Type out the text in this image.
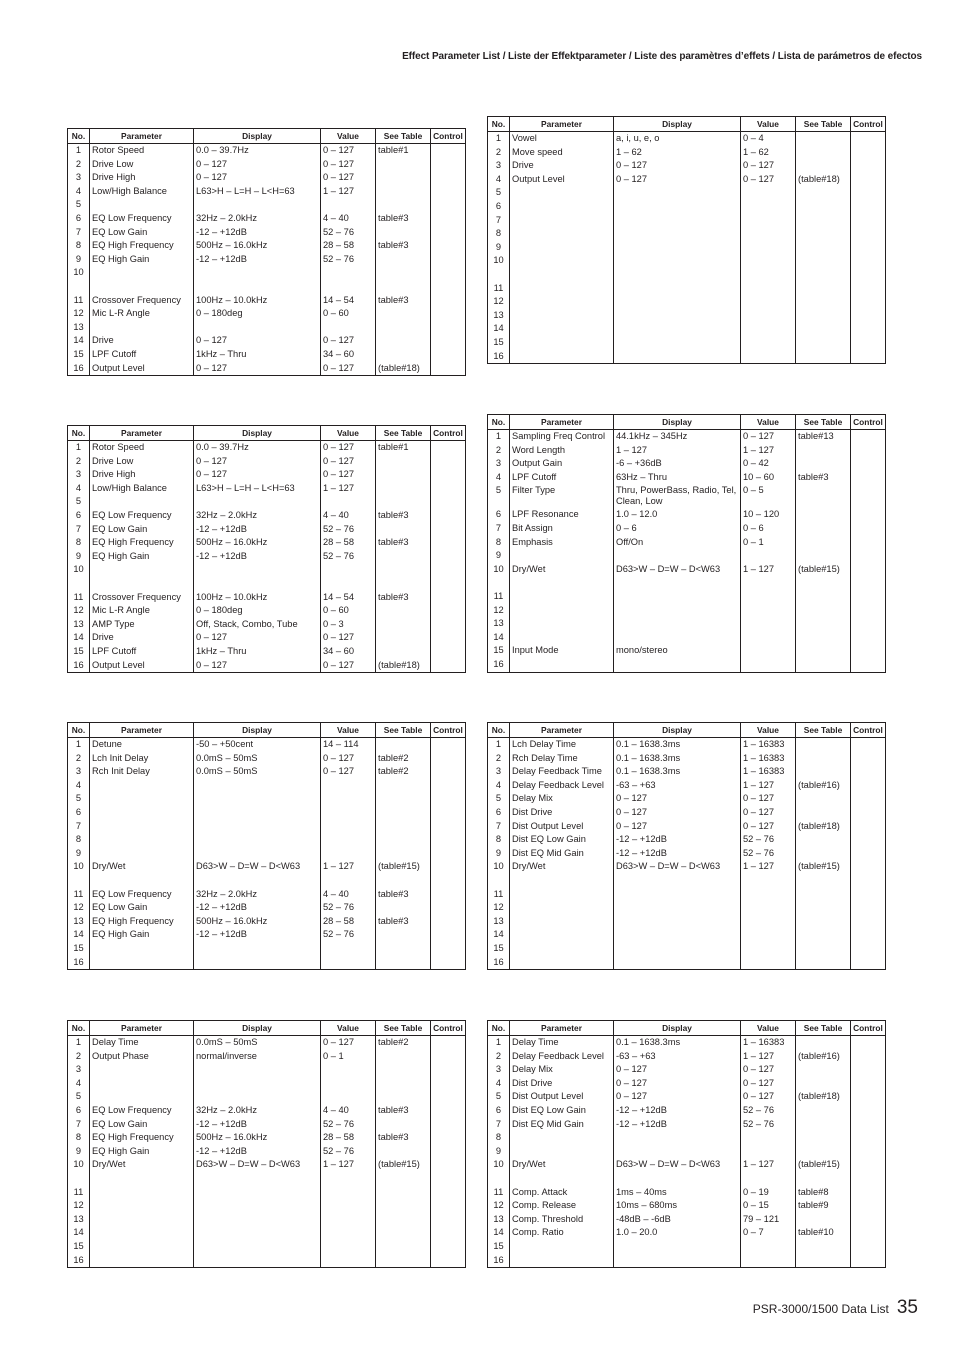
Effect Parameter List / Liste der Effektparameter / Liste des paramètres d’effets / Lista de parámetros de efectos
No.	Parameter	Display	Value	See Table	Control
1	Rotor Speed	0.0 – 39.7Hz	0 – 127	table#1	
2	Drive Low	0 – 127	0 – 127		
3	Drive High	0 – 127	0 – 127		
4	Low/High Balance	L63>H – L=H – L<H=63	1 – 127		
5					
6	EQ Low Frequency	32Hz – 2.0kHz	4 – 40	table#3	
7	EQ Low Gain	-12 – +12dB	52 – 76		
8	EQ High Frequency	500Hz – 16.0kHz	28 – 58	table#3	
9	EQ High Gain	-12 – +12dB	52 – 76		
10					

11	Crossover Frequency	100Hz – 10.0kHz	14 – 54	table#3	
12	Mic L-R Angle	0 – 180deg	0 – 60		
13					
14	Drive	0 – 127	0 – 127		
15	LPF Cutoff	1kHz – Thru	34 – 60		
16	Output Level	0 – 127	0 – 127	(table#18)	
No.	Parameter	Display	Value	See Table	Control
1	Vowel	a, i, u, e, o	0 – 4		
2	Move speed	1 – 62	1 – 62		
3	Drive	0 – 127	0 – 127		
4	Output Level	0 – 127	0 – 127	(table#18)	
5					
6					
7					
8					
9					
10					

11					
12					
13					
14					
15					
16					
No.	Parameter	Display	Value	See Table	Control
1	Rotor Speed	0.0 – 39.7Hz	0 – 127	table#1	
2	Drive Low	0 – 127	0 – 127		
3	Drive High	0 – 127	0 – 127		
4	Low/High Balance	L63>H – L=H – L<H=63	1 – 127		
5					
6	EQ Low Frequency	32Hz – 2.0kHz	4 – 40	table#3	
7	EQ Low Gain	-12 – +12dB	52 – 76		
8	EQ High Frequency	500Hz – 16.0kHz	28 – 58	table#3	
9	EQ High Gain	-12 – +12dB	52 – 76		
10					

11	Crossover Frequency	100Hz – 10.0kHz	14 – 54	table#3	
12	Mic L-R Angle	0 – 180deg	0 – 60		
13	AMP Type	Off, Stack, Combo, Tube	0 – 3		
14	Drive	0 – 127	0 – 127		
15	LPF Cutoff	1kHz – Thru	34 – 60		
16	Output Level	0 – 127	0 – 127	(table#18)	
No.	Parameter	Display	Value	See Table	Control
1	Sampling Freq Control	44.1kHz – 345Hz	0 – 127	table#13	
2	Word Length	1 – 127	1 – 127		
3	Output Gain	-6 – +36dB	0 – 42		
4	LPF Cutoff	63Hz – Thru	10 – 60	table#3	
5	Filter Type	Thru, PowerBass, Radio, Tel, Clean, Low	0 – 5		
6	LPF Resonance	1.0 – 12.0	10 – 120		
7	Bit Assign	0 – 6	0 – 6		
8	Emphasis	Off/On	0 – 1		
9					
10	Dry/Wet	D63>W – D=W – D<W63	1 – 127	(table#15)	

11					
12					
13					
14					
15	Input Mode	mono/stereo			
16					
No.	Parameter	Display	Value	See Table	Control
1	Detune	-50 – +50cent	14 – 114		
2	Lch Init Delay	0.0mS – 50mS	0 – 127	table#2	
3	Rch Init Delay	0.0mS – 50mS	0 – 127	table#2	
4					
5					
6					
7					
8					
9					
10	Dry/Wet	D63>W – D=W – D<W63	1 – 127	(table#15)	

11	EQ Low Frequency	32Hz – 2.0kHz	4 – 40	table#3	
12	EQ Low Gain	-12 – +12dB	52 – 76		
13	EQ High Frequency	500Hz – 16.0kHz	28 – 58	table#3	
14	EQ High Gain	-12 – +12dB	52 – 76		
15					
16					
No.	Parameter	Display	Value	See Table	Control
1	Lch Delay Time	0.1 – 1638.3ms	1 – 16383		
2	Rch Delay Time	0.1 – 1638.3ms	1 – 16383		
3	Delay Feedback Time	0.1 – 1638.3ms	1 – 16383		
4	Delay Feedback Level	-63 – +63	1 – 127	(table#16)	
5	Delay Mix	0 – 127	0 – 127		
6	Dist Drive	0 – 127	0 – 127		
7	Dist Output Level	0 – 127	0 – 127	(table#18)	
8	Dist EQ Low Gain	-12 – +12dB	52 – 76		
9	Dist EQ Mid Gain	-12 – +12dB	52 – 76		
10	Dry/Wet	D63>W – D=W – D<W63	1 – 127	(table#15)	

11					
12					
13					
14					
15					
16					
No.	Parameter	Display	Value	See Table	Control
1	Delay Time	0.0mS – 50mS	0 – 127	table#2	
2	Output Phase	normal/inverse	0 – 1		
3					
4					
5					
6	EQ Low Frequency	32Hz – 2.0kHz	4 – 40	table#3	
7	EQ Low Gain	-12 – +12dB	52 – 76		
8	EQ High Frequency	500Hz – 16.0kHz	28 – 58	table#3	
9	EQ High Gain	-12 – +12dB	52 – 76		
10	Dry/Wet	D63>W – D=W – D<W63	1 – 127	(table#15)	

11					
12					
13					
14					
15					
16					
No.	Parameter	Display	Value	See Table	Control
1	Delay Time	0.1 – 1638.3ms	1 – 16383		
2	Delay Feedback Level	-63 – +63	1 – 127	(table#16)	
3	Delay Mix	0 – 127	0 – 127		
4	Dist Drive	0 – 127	0 – 127		
5	Dist Output Level	0 – 127	0 – 127	(table#18)	
6	Dist EQ Low Gain	-12 – +12dB	52 – 76		
7	Dist EQ Mid Gain	-12 – +12dB	52 – 76		
8					
9					
10	Dry/Wet	D63>W – D=W – D<W63	1 – 127	(table#15)	

11	Comp. Attack	1ms – 40ms	0 – 19	table#8	
12	Comp. Release	10ms – 680ms	0 – 15	table#9	
13	Comp. Threshold	-48dB – -6dB	79 – 121		
14	Comp. Ratio	1.0 – 20.0	0 – 7	table#10	
15					
16					
PSR-3000/1500 Data List 35
